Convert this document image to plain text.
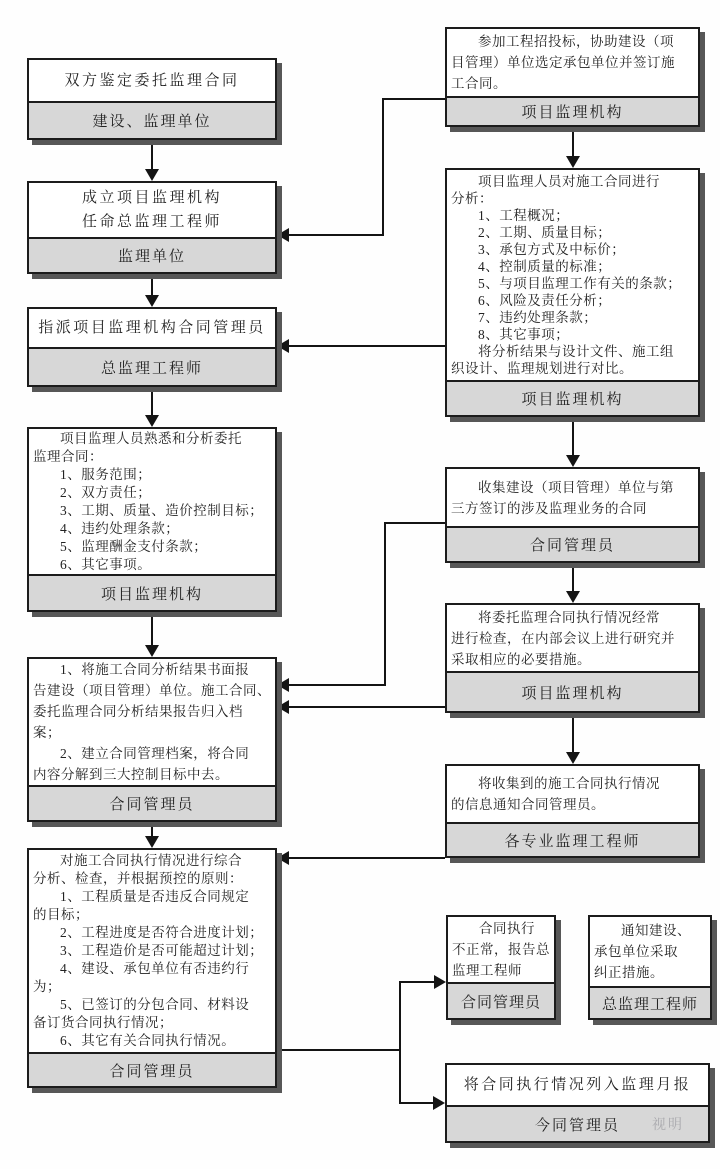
双方鉴定委托监理合同
建设、监理单位
成立项目监理机构
任命总监理工程师
监理单位
指派项目监理机构合同管理员
总监理工程师
项目监理人员熟悉和分析委托
监理合同：
1、服务范围；
2、双方责任；
3、工期、质量、造价控制目标；
4、违约处理条款；
5、监理酬金支付条款；
6、其它事项。
项目监理机构
1、将施工合同分析结果书面报
告建设（项目管理）单位。施工合同、
委托监理合同分析结果报告归入档
案；
2、建立合同管理档案，将合同
内容分解到三大控制目标中去。
合同管理员
对施工合同执行情况进行综合
分析、检查，并根据预控的原则：
1、工程质量是否违反合同规定
的目标；
2、工程进度是否符合进度计划；
3、工程造价是否可能超过计划；
4、建设、承包单位有否违约行
为；
5、已签订的分包合同、材料设
备订货合同执行情况；
6、其它有关合同执行情况。
合同管理员
参加工程招投标，协助建设（项
目管理）单位选定承包单位并签订施
工合同。
项目监理机构
项目监理人员对施工合同进行
分析：
1、工程概况；
2、工期、质量目标；
3、承包方式及中标价；
4、控制质量的标准；
5、与项目监理工作有关的条款；
6、风险及责任分析；
7、违约处理条款；
8、其它事项；
将分析结果与设计文件、施工组
织设计、监理规划进行对比。
项目监理机构
收集建设（项目管理）单位与第
三方签订的涉及监理业务的合同
合同管理员
将委托监理合同执行情况经常
进行检查，在内部会议上进行研究并
采取相应的必要措施。
项目监理机构
将收集到的施工合同执行情况
的信息通知合同管理员。
各专业监理工程师
合同执行
不正常，报告总
监理工程师
合同管理员
通知建设、
承包单位采取
纠正措施。
总监理工程师
将合同执行情况列入监理月报
今同管理员	视明
